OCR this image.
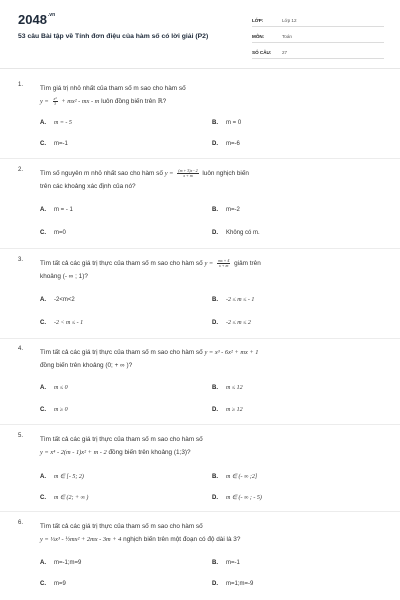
$2048^{.vn}$
53 câu Bài tập về Tính đơn điệu của hàm số có lời giải (P2)
LỚP:	Lớp 12
MÔN:	Toán
SỐ CÂU:	27
1.	Tìm giá trị nhỏ nhất của tham số m sao cho hàm số
$y = \frac{\text{x³}}{3} + mx^2$ - mx - m luôn đồng biến trên ℝ?
A. m = - 5	B. m = 0
C. m=-1	D. m=-6
2.	Tìm số nguyên m nhỏ nhất sao cho hàm số $y = \frac{(m + 3)x - 2}{x + m}$ luôn nghịch biến
trên các khoảng xác định của nó?
A. m = - 1	B. m=-2
C. m=0	D. Không có m.
3.	Tìm tất cả các giá trị thực của tham số m sao cho hàm số $y = \frac{mx + 4}{x + m}$ giảm trên
khoảng (- ∞ ; 1)?
A. -2<m<2	B. -2 ≤ m ≤ - 1
C. -2 < m ≤ - 1	D. -2 ≤ m ≤ 2
4.	Tìm tất cả các giá trị thực của tham số m sao cho hàm số y = x³ - 6x² + mx + 1
đồng biến trên khoảng (0; + ∞ )?
A. m ≤ 0	B. m ≤ 12
C. m ≥ 0	D. m ≥ 12
5.	Tìm tất cả các giá trị thực của tham số m sao cho hàm số
y = x⁴ - 2(m - 1)x² + m - 2 đồng biến trên khoảng (1;3)?
A. m ∈ [- 5; 2)	B. m ∈ (- ∞ ;2]
C. m ∈ (2; + ∞ )	D. m ∈ (- ∞ ; - 5)
6.	Tìm tất cả các giá trị thực của tham số m sao cho hàm số
y = ⅓x³ - ½mx² + 2mx - 3m + 4 nghịch biến trên một đoạn có độ dài là 3?
A. m=-1;m=9	B. m=-1
C. m=9	D. m=1;m=-9
